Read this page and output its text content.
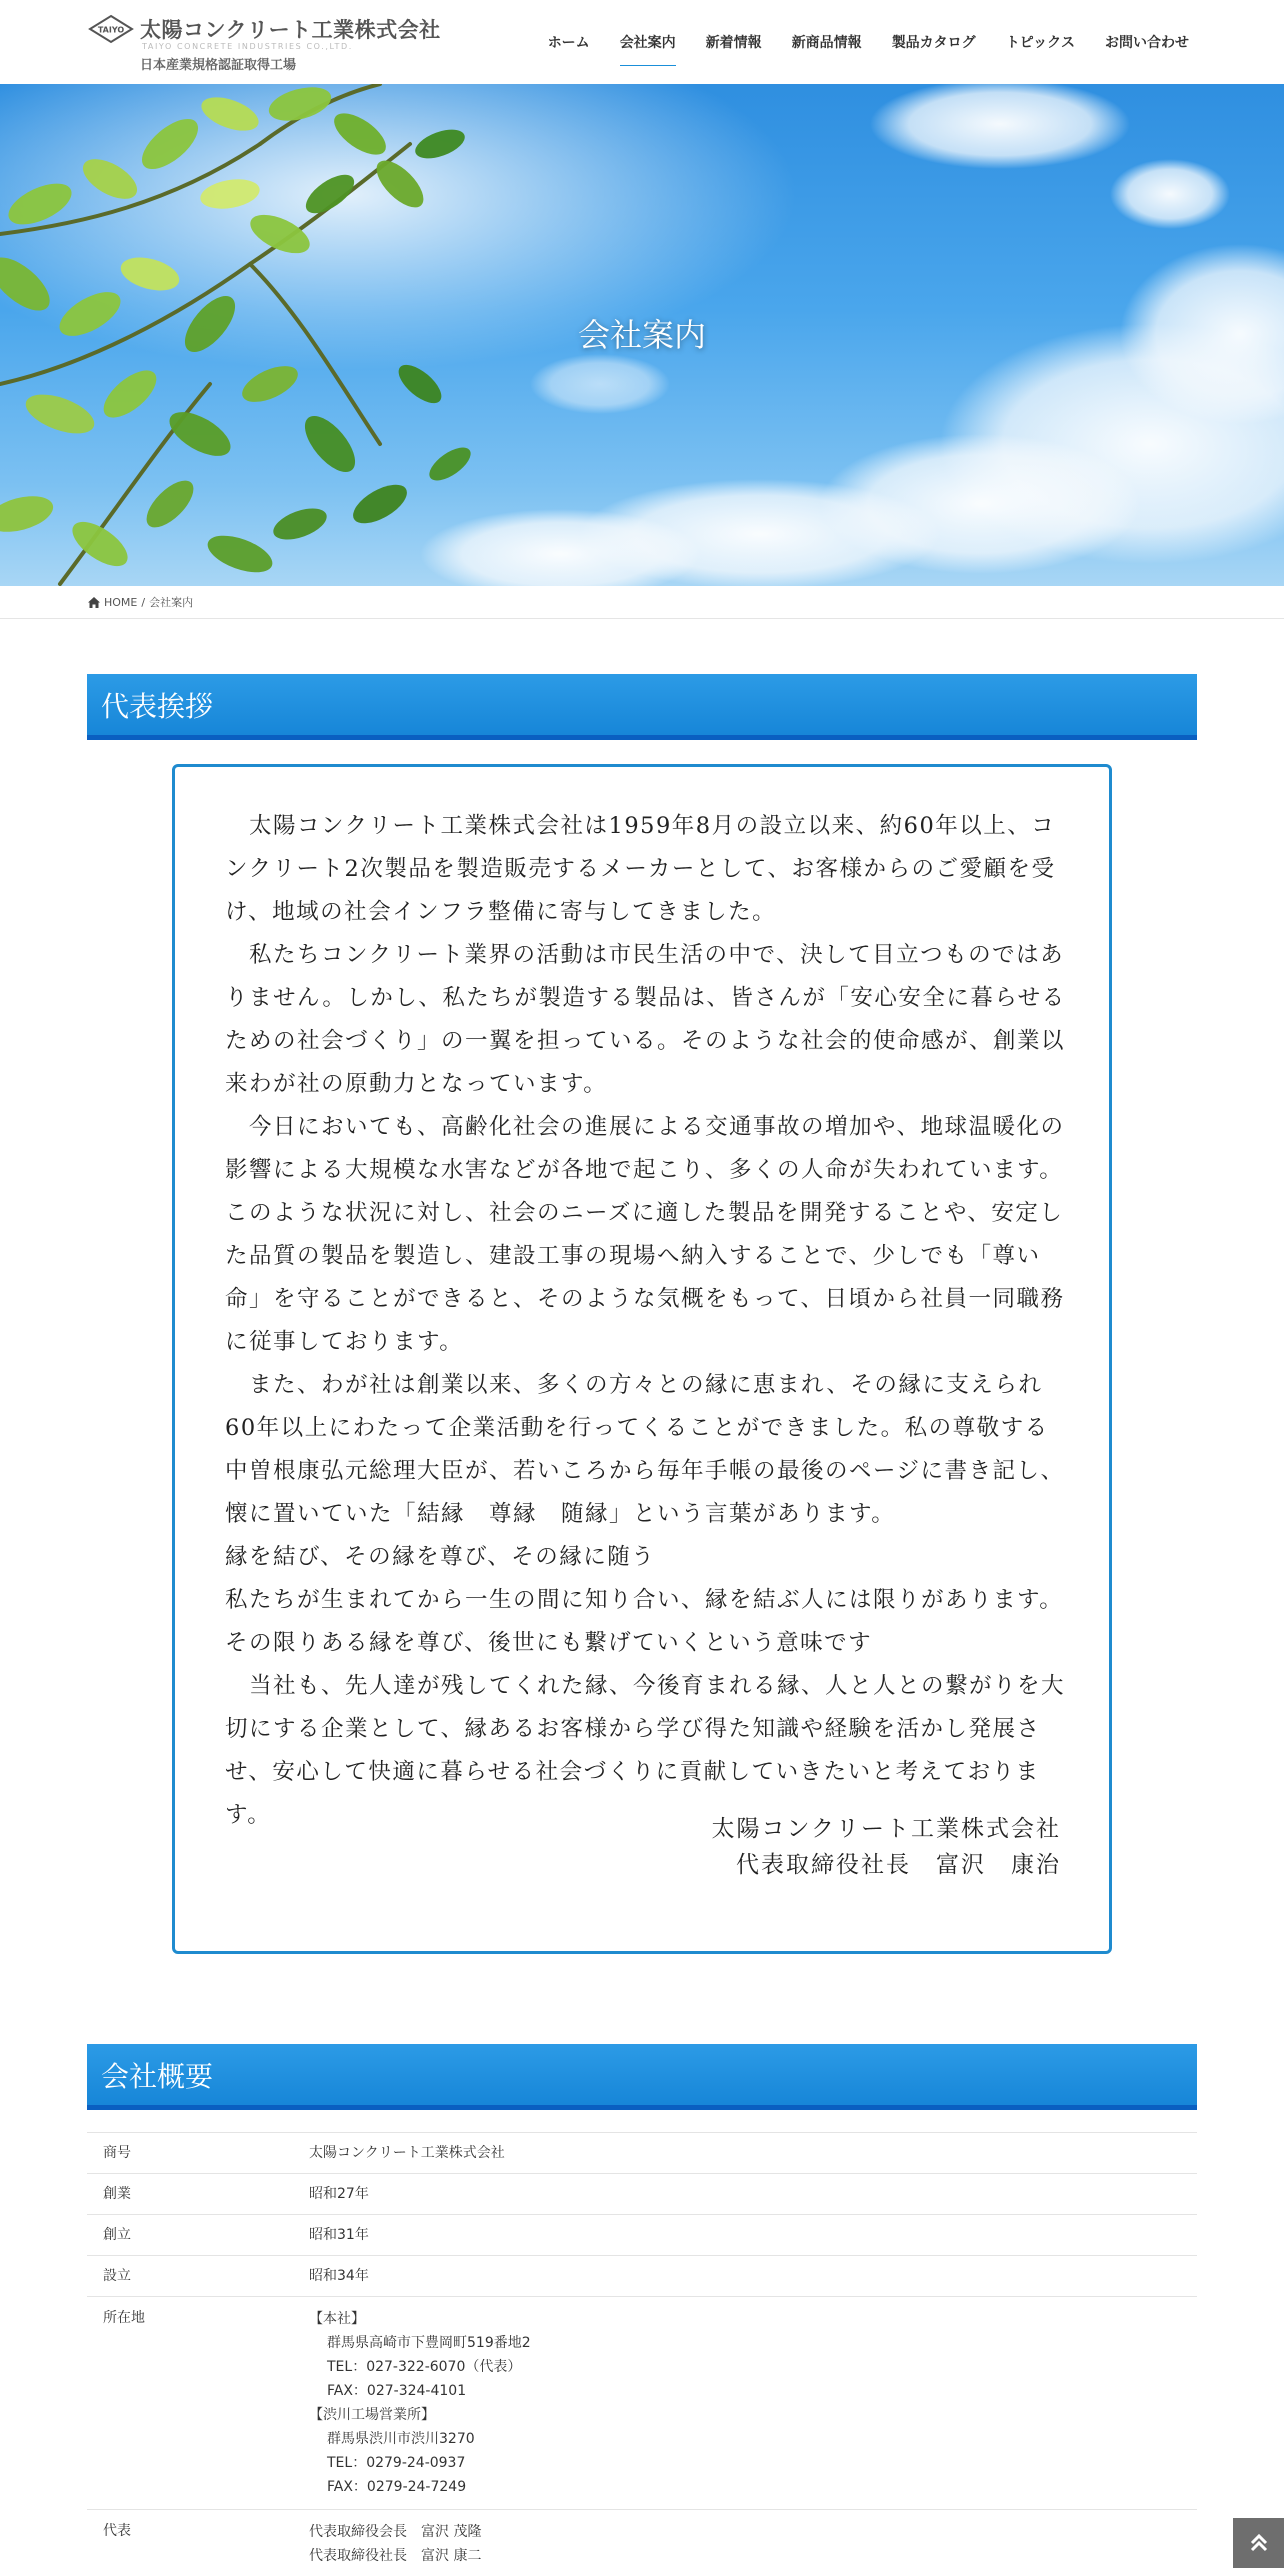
TAIYO 太陽コンクリート工業株式会社
TAIYO CONCRETE INDUSTRIES CO.,LTD.
日本産業規格認証取得工場
ホーム	会社案内	新着情報	新商品情報	製品カタログ	トピックス	お問い合わせ
会社案内
HOME / 会社案内
代表挨拶

　太陽コンクリート工業株式会社は1959年8月の設立以来、約60年以上、コンクリート2次製品を製造販売するメーカーとして、お客様からのご愛顧を受け、地域の社会インフラ整備に寄与してきました。

　私たちコンクリート業界の活動は市民生活の中で、決して目立つものではありません。しかし、私たちが製造する製品は、皆さんが「安心安全に暮らせるための社会づくり」の一翼を担っている。そのような社会的使命感が、創業以来わが社の原動力となっています。

　今日においても、高齢化社会の進展による交通事故の増加や、地球温暖化の影響による大規模な水害などが各地で起こり、多くの人命が失われています。このような状況に対し、社会のニーズに適した製品を開発することや、安定した品質の製品を製造し、建設工事の現場へ納入することで、少しでも「尊い命」を守ることができると、そのような気概をもって、日頃から社員一同職務に従事しております。

　また、わが社は創業以来、多くの方々との縁に恵まれ、その縁に支えられ60年以上にわたって企業活動を行ってくることができました。私の尊敬する中曽根康弘元総理大臣が、若いころから毎年手帳の最後のページに書き記し、懐に置いていた「結縁　尊縁　随縁」という言葉があります。

縁を結び、その縁を尊び、その縁に随う

私たちが生まれてから一生の間に知り合い、縁を結ぶ人には限りがあります。

その限りある縁を尊び、後世にも繋げていくという意味です

　当社も、先人達が残してくれた縁、今後育まれる縁、人と人との繋がりを大切にする企業として、縁あるお客様から学び得た知識や経験を活かし発展させ、安心して快適に暮らせる社会づくりに貢献していきたいと考えております。

太陽コンクリート工業株式会社
代表取締役社長　富沢　康治
会社概要
商号	太陽コンクリート工業株式会社
創業	昭和27年
創立	昭和31年
設立	昭和34年
所在地	【本社】
群馬県高崎市下豊岡町519番地2
TEL：027-322-6070（代表）
FAX：027-324-4101
【渋川工場営業所】
群馬県渋川市渋川3270
TEL：0279-24-0937
FAX：0279-24-7249
代表	代表取締役会長　富沢 茂隆
代表取締役社長　富沢 康二
